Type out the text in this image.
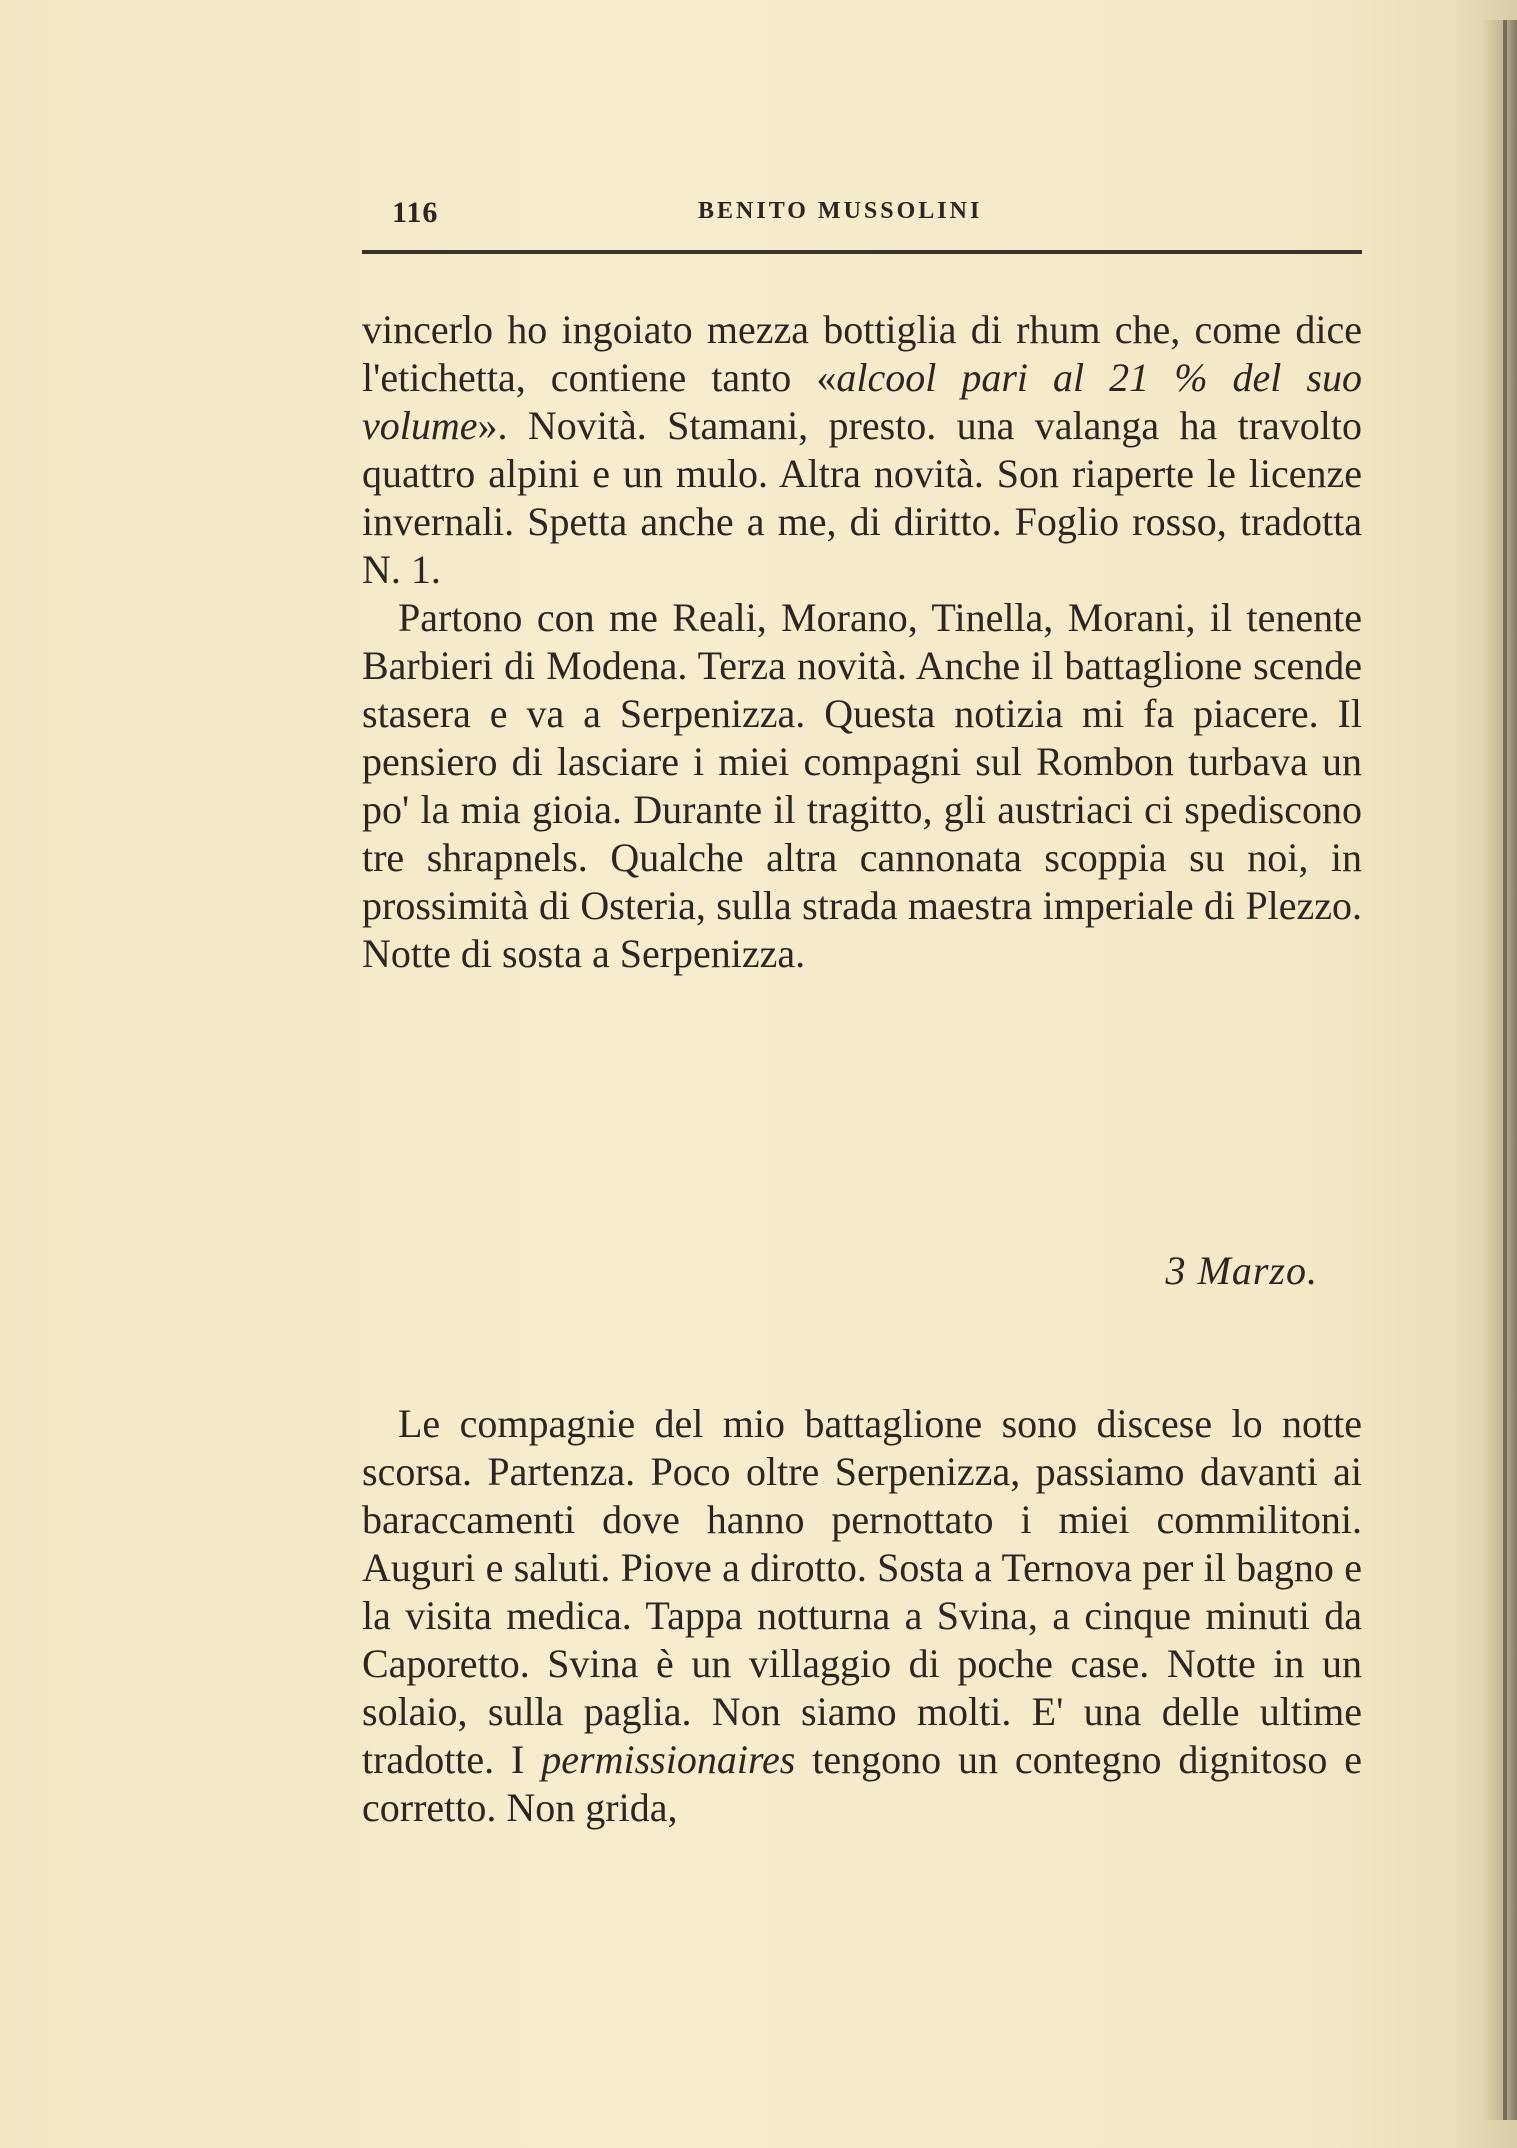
116	BENITO MUSSOLINI

vincerlo ho ingoiato mezza bottiglia di rhum che, come dice l'etichetta, contiene tanto «alcool pari al 21 % del suo volume». Novità. Stamani, presto. una valanga ha travolto quattro alpini e un mulo. Altra novità. Son riaperte le licenze invernali. Spetta anche a me, di diritto. Foglio rosso, tradotta N. 1.

Partono con me Reali, Morano, Tinella, Morani, il tenente Barbieri di Modena. Terza novità. Anche il battaglione scende stasera e va a Serpenizza. Questa notizia mi fa piacere. Il pensiero di lasciare i miei compagni sul Rombon turbava un po' la mia gioia. Durante il tragitto, gli austriaci ci spediscono tre shrapnels. Qualche altra cannonata scoppia su noi, in prossimità di Osteria, sulla strada maestra imperiale di Plezzo. Notte di sosta a Serpenizza.

3 Marzo.

Le compagnie del mio battaglione sono discese lo notte scorsa. Partenza. Poco oltre Serpenizza, passiamo davanti ai baraccamenti dove hanno pernottato i miei commilitoni. Auguri e saluti. Piove a dirotto. Sosta a Ternova per il bagno e la visita medica. Tappa notturna a Svina, a cinque minuti da Caporetto. Svina è un villaggio di poche case. Notte in un solaio, sulla paglia. Non siamo molti. E' una delle ultime tradotte. I permissionaires tengono un contegno dignitoso e corretto. Non grida,
